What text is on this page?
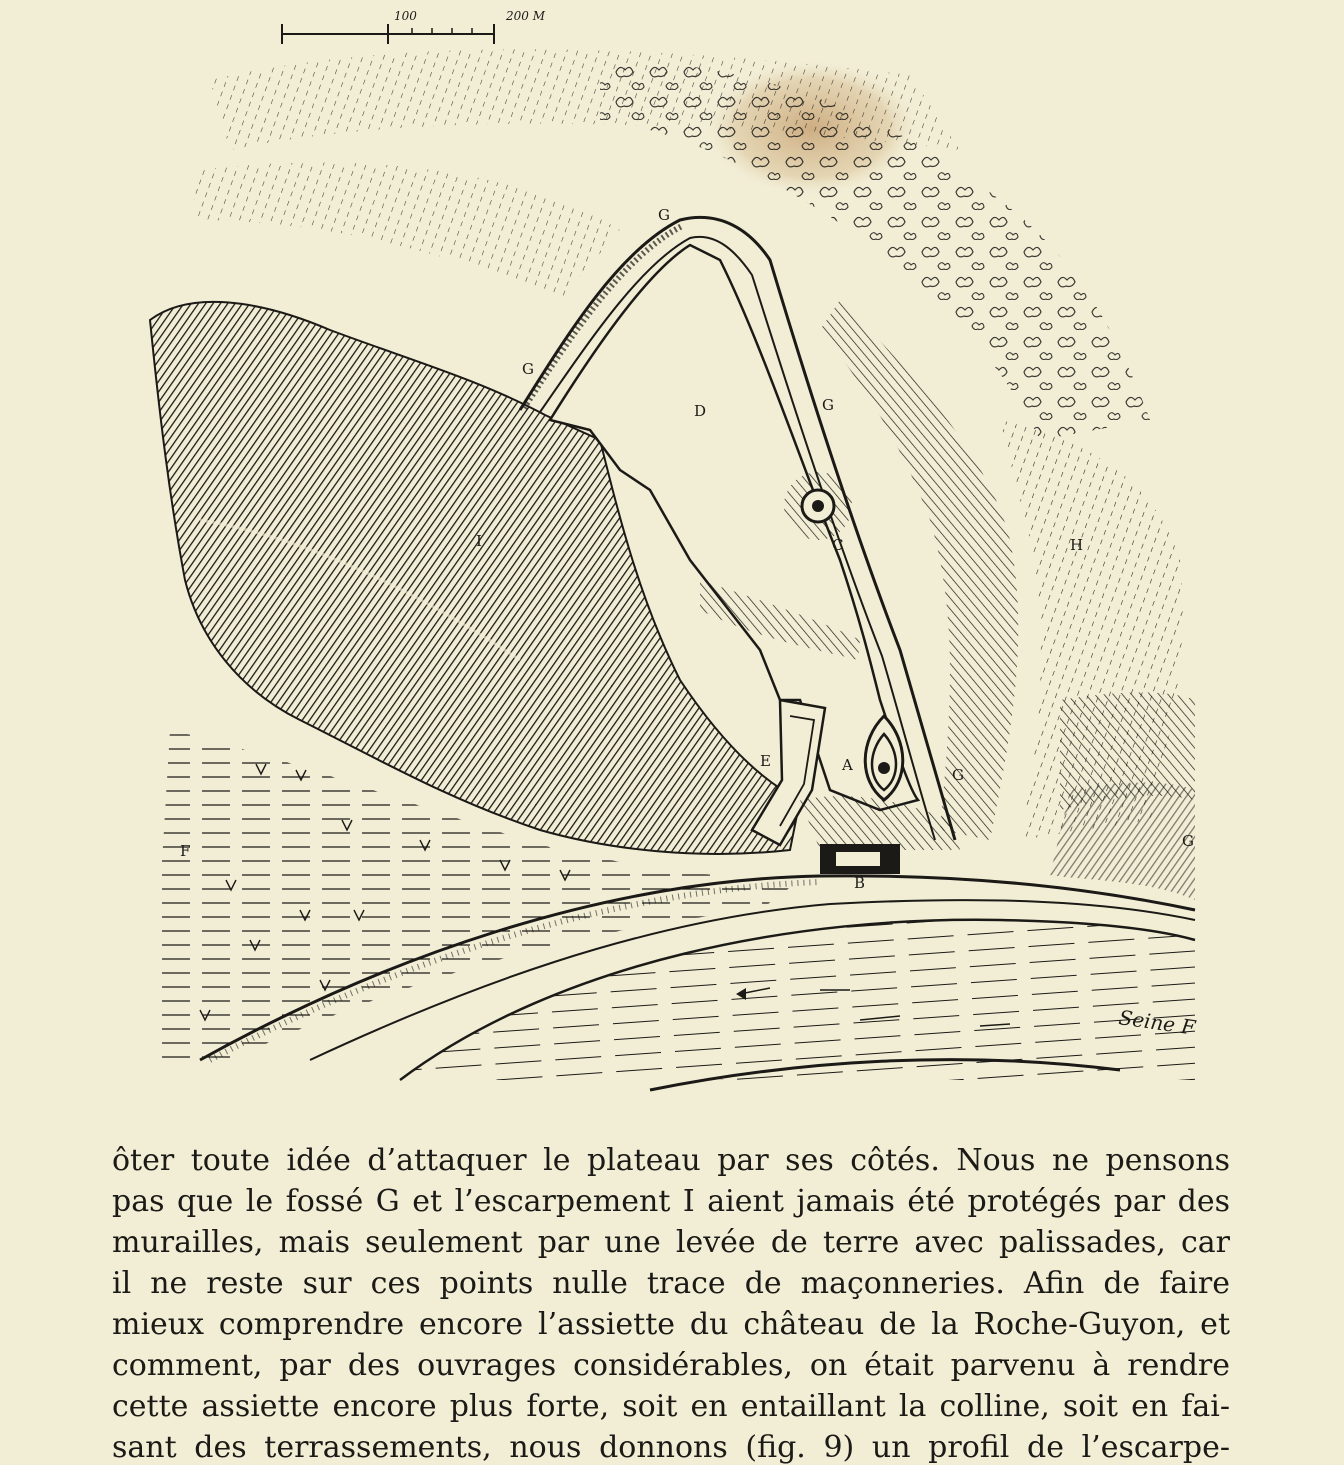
100	200 M
G
G
G
G
G
D
C
I	H
E	A
B
F
Seine F
ôter toute idée d’attaquer le plateau par ses côtés. Nous ne pensons
pas que le fossé G et l’escarpement I aient jamais été protégés par des
murailles, mais seulement par une levée de terre avec palissades, car
il ne reste sur ces points nulle trace de maçonneries. Afin de faire
mieux comprendre encore l’assiette du château de la Roche-Guyon, et
comment, par des ouvrages considérables, on était parvenu à rendre
cette assiette encore plus forte, soit en entaillant la colline, soit en fai-
sant des terrassements, nous donnons (fig. 9) un profil de l’escarpe-
